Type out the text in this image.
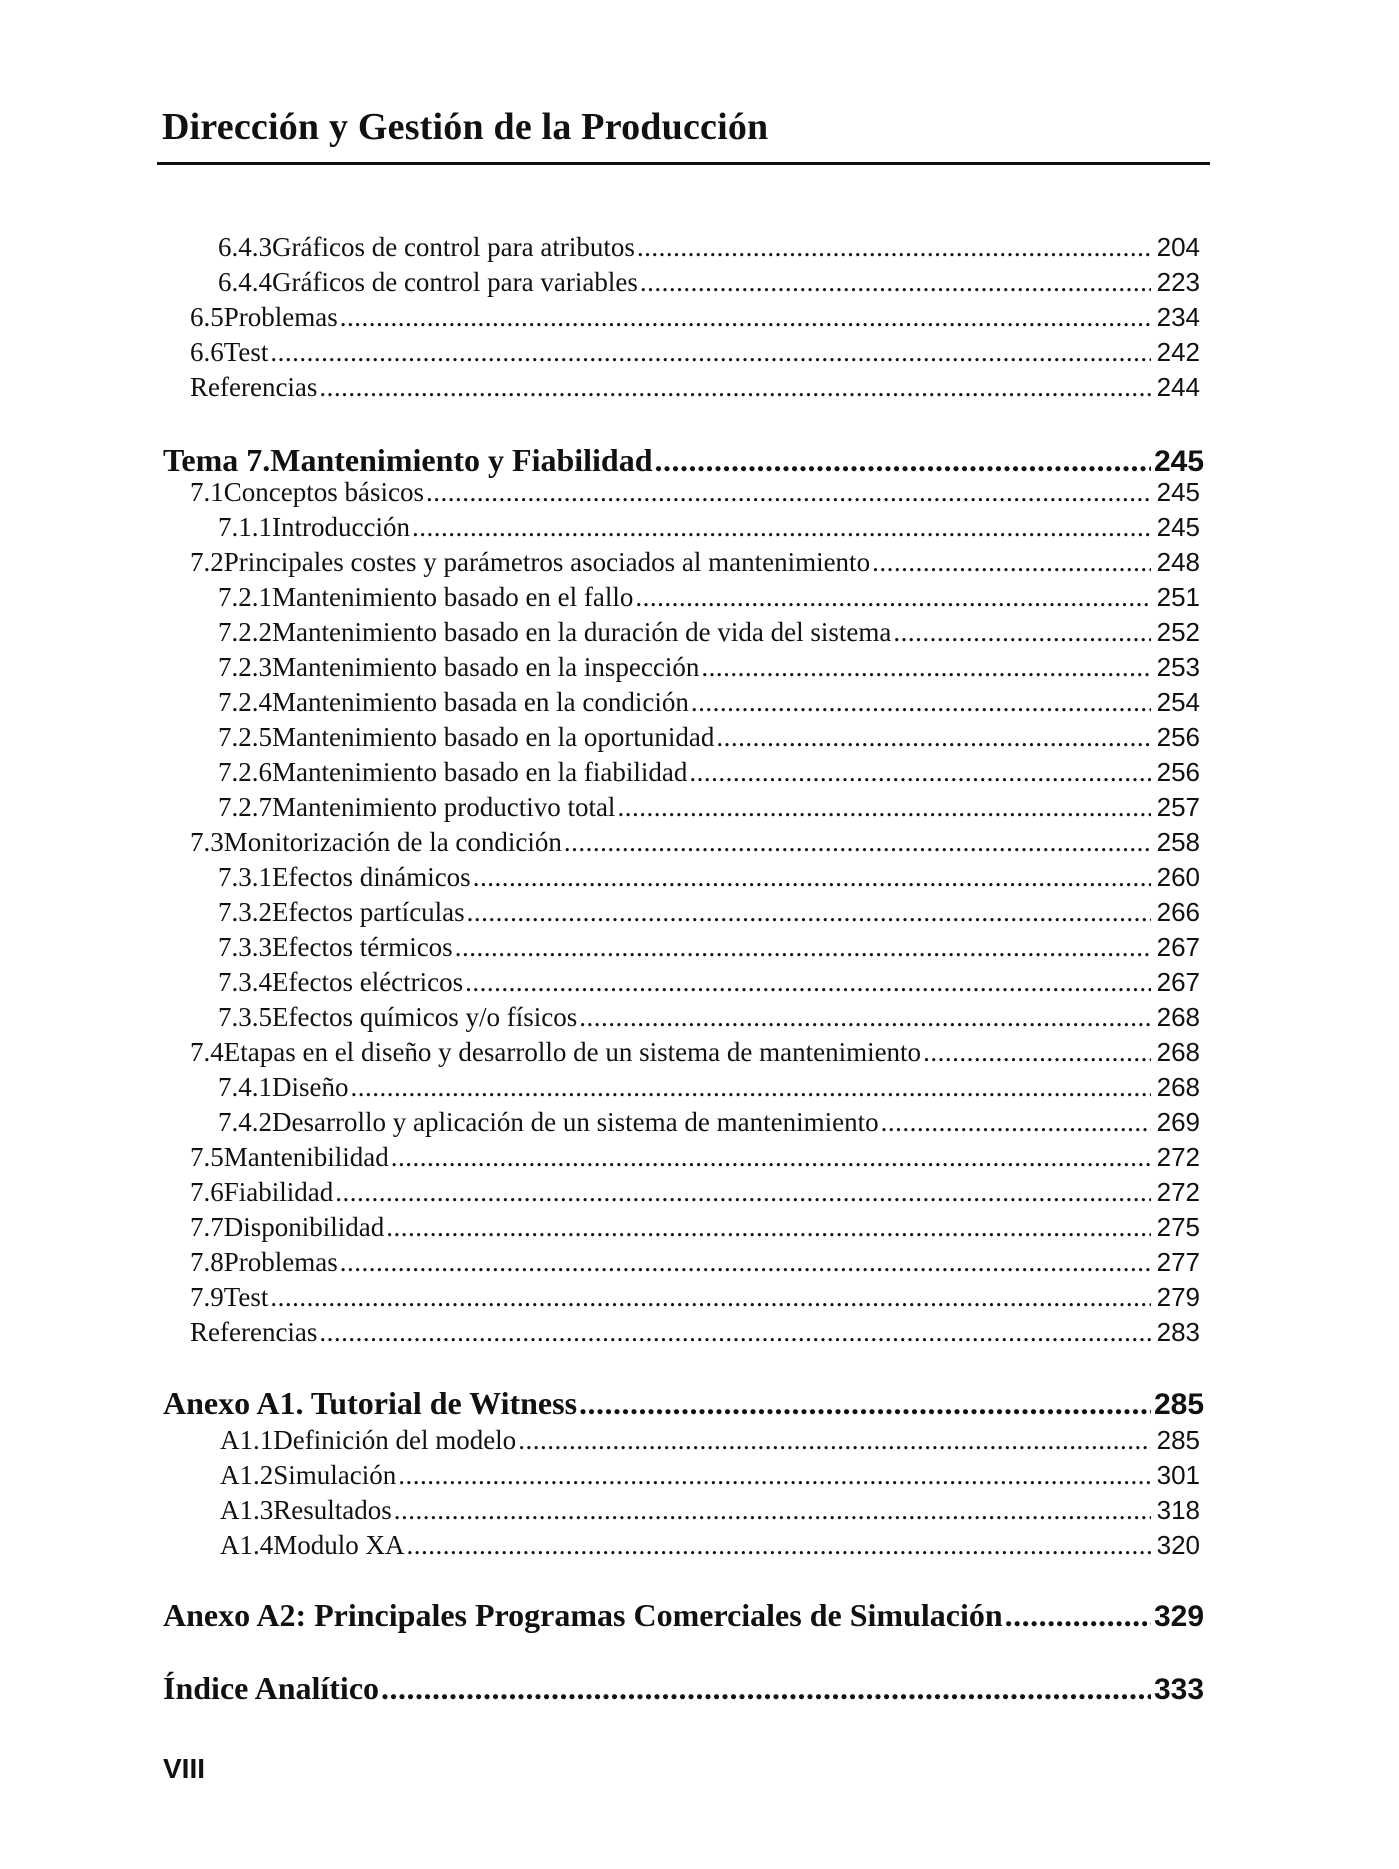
Dirección y Gestión de la Producción
6.4.3 Gráficos de control para atributos .....	204
6.4.4 Gráficos de control para variables .....	223
6.5 Problemas .....	234
6.6 Test .....	242
Referencias .....	244
Tema 7. Mantenimiento y Fiabilidad .....	245
7.1 Conceptos básicos .....	245
7.1.1 Introducción .....	245
7.2 Principales costes y parámetros asociados al mantenimiento .....	248
7.2.1 Mantenimiento basado en el fallo .....	251
7.2.2 Mantenimiento basado en la duración de vida del sistema .....	252
7.2.3 Mantenimiento basado en la inspección .....	253
7.2.4 Mantenimiento basada en la condición .....	254
7.2.5 Mantenimiento basado en la oportunidad .....	256
7.2.6 Mantenimiento basado en la fiabilidad .....	256
7.2.7 Mantenimiento productivo total .....	257
7.3 Monitorización de la condición .....	258
7.3.1 Efectos dinámicos .....	260
7.3.2 Efectos partículas .....	266
7.3.3 Efectos térmicos .....	267
7.3.4 Efectos eléctricos .....	267
7.3.5 Efectos químicos y/o físicos .....	268
7.4 Etapas en el diseño y desarrollo de un sistema de mantenimiento .....	268
7.4.1 Diseño .....	268
7.4.2 Desarrollo y aplicación de un sistema de mantenimiento .....	269
7.5 Mantenibilidad .....	272
7.6 Fiabilidad .....	272
7.7 Disponibilidad .....	275
7.8 Problemas .....	277
7.9 Test .....	279
Referencias .....	283
Anexo A1. Tutorial de Witness .....	285
A1.1 Definición del modelo .....	285
A1.2 Simulación .....	301
A1.3 Resultados .....	318
A1.4 Modulo XA .....	320
Anexo A2: Principales Programas Comerciales de Simulación .....	329
Índice Analítico .....	333
VIII
